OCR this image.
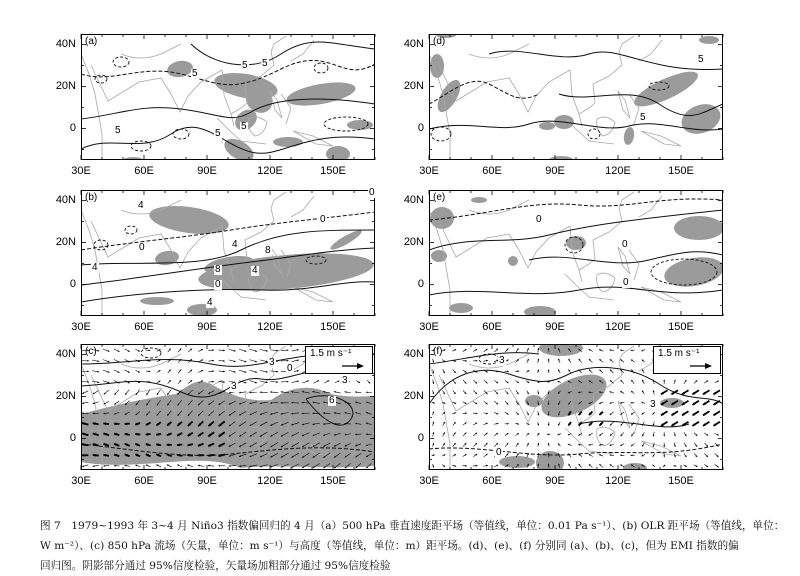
5
5
5
5
5
5
(a)
40N
20N
0
30E	60E	90E	120E	150E
4
0
0
0
4
8	4
8
0
4
4
(b)
40N
20N
0
30E	60E	90E	120E	150E
3
0
3
3
6
(c)
40N
20N
0
30E	60E	90E	120E	150E
1.5 m s⁻¹
5
5
(d)
40N
20N
0
30E	60E	90E	120E	150E
0
0
0
(e)
40N
20N
0
30E	60E	90E	120E	150E
3
3
0
(f)
40N
20N
0
30E	60E	90E	120E	150E
1.5 m s⁻¹
图 7　1979~1993 年 3~4 月 Niño3 指数偏回归的 4 月（a）500 hPa 垂直速度距平场（等值线，单位：0.01 Pa s⁻¹）、(b) OLR 距平场（等值线，单位：
W m⁻²）、(c) 850 hPa 流场（矢量，单位：m s⁻¹）与高度（等值线，单位：m）距平场。(d)、(e)、(f) 分别同 (a)、(b)、(c)，但为 EMI 指数的偏
回归图。阴影部分通过 95%信度检验，矢量场加粗部分通过 95%信度检验
